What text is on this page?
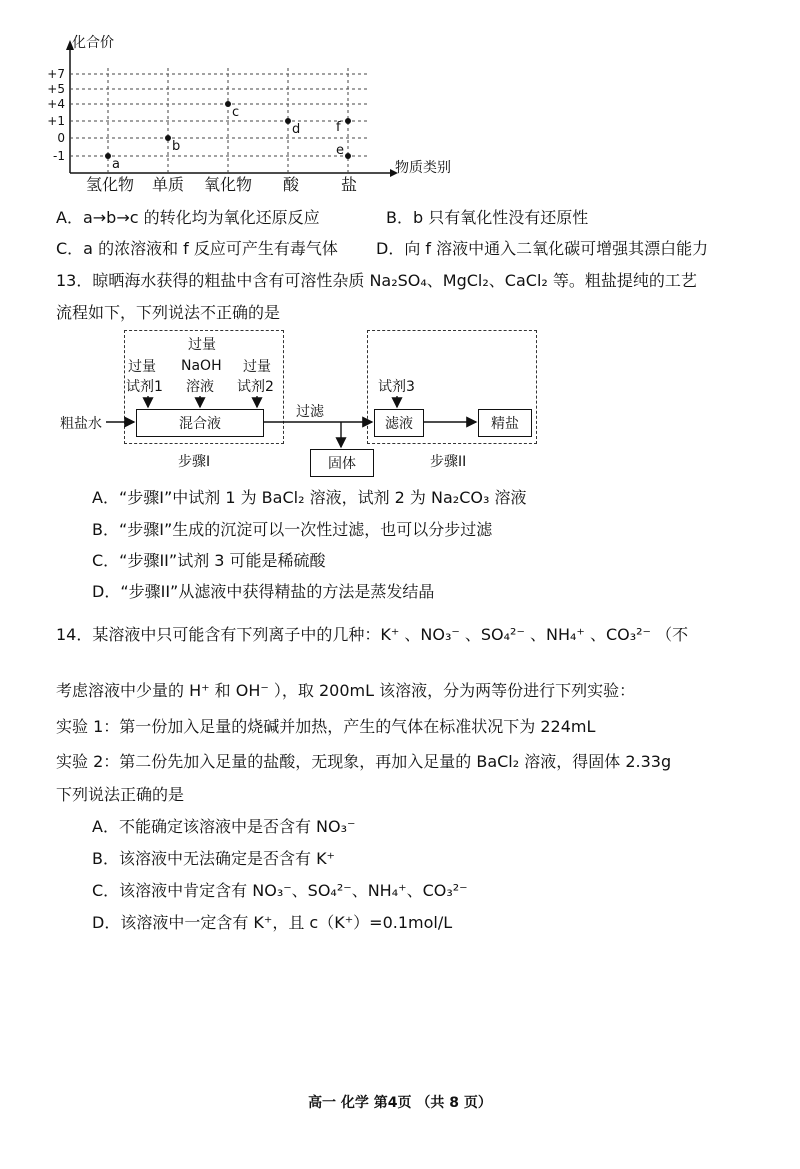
+7
+5
+4
+1
0
-1
a
b
c
d
e
f
氢化物 单质 氧化物 酸	盐
物质类别
化合价
A．a→b→c 的转化均为氧化还原反应	B．b 只有氧化性没有还原性
C．a 的浓溶液和 f 反应可产生有毒气体 D．向 f 溶液中通入二氧化碳可增强其漂白能力
13．晾晒海水获得的粗盐中含有可溶性杂质 Na₂SO₄、MgCl₂、CaCl₂ 等。粗盐提纯的工艺
流程如下，下列说法不正确的是
过量
试剂1
过量
NaOH
溶液
过量
试剂2
粗盐水	混合液
过滤
固体
试剂3
滤液	精盐
步骤I	步骤II
A．“步骤I”中试剂 1 为 BaCl₂ 溶液，试剂 2 为 Na₂CO₃ 溶液
B．“步骤I”生成的沉淀可以一次性过滤，也可以分步过滤
C．“步骤II”试剂 3 可能是稀硫酸
D．“步骤II”从滤液中获得精盐的方法是蒸发结晶
14．某溶液中只可能含有下列离子中的几种：K⁺ 、NO₃⁻ 、SO₄²⁻ 、NH₄⁺ 、CO₃²⁻ （不
考虑溶液中少量的 H⁺ 和 OH⁻ ），取 200mL 该溶液，分为两等份进行下列实验：
实验 1：第一份加入足量的烧碱并加热，产生的气体在标准状况下为 224mL
实验 2：第二份先加入足量的盐酸，无现象，再加入足量的 BaCl₂ 溶液，得固体 2.33g
下列说法正确的是
A．不能确定该溶液中是否含有 NO₃⁻
B．该溶液中无法确定是否含有 K⁺
C．该溶液中肯定含有 NO₃⁻、SO₄²⁻、NH₄⁺、CO₃²⁻
D．该溶液中一定含有 K⁺，且 c（K⁺）=0.1mol/L
高一 化学 第4页 （共 8 页）
